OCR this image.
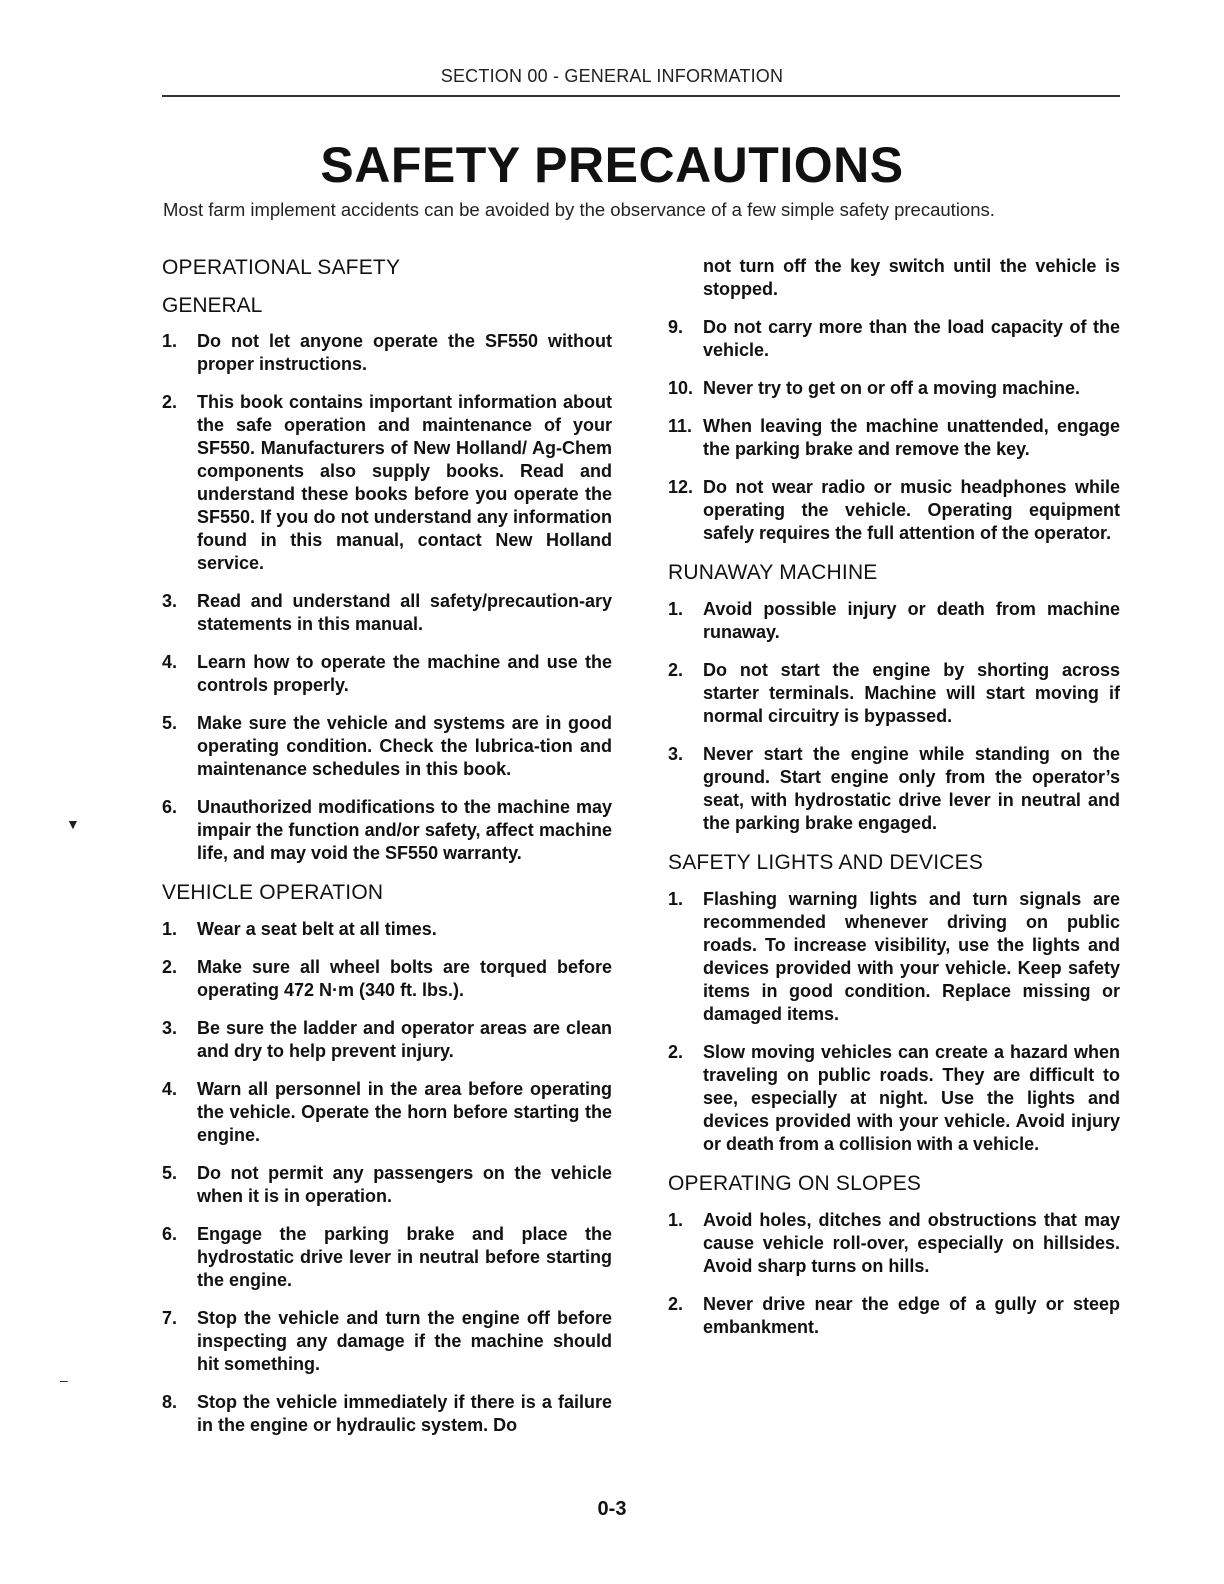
SECTION 00 - GENERAL INFORMATION
SAFETY PRECAUTIONS
Most farm implement accidents can be avoided by the observance of a few simple safety precautions.
OPERATIONAL SAFETY
GENERAL
1.	Do not let anyone operate the SF550 without proper instructions.
2.	This book contains important information about the safe operation and maintenance of your SF550. Manufacturers of New Holland/ Ag-Chem components also supply books. Read and understand these books before you operate the SF550. If you do not understand any information found in this manual, contact New Holland service.
3.	Read and understand all safety/precaution-ary statements in this manual.
4.	Learn how to operate the machine and use the controls properly.
5.	Make sure the vehicle and systems are in good operating condition. Check the lubrica-tion and maintenance schedules in this book.
6.	Unauthorized modifications to the machine may impair the function and/or safety, affect machine life, and may void the SF550 warranty.
VEHICLE OPERATION
1.	Wear a seat belt at all times.
2.	Make sure all wheel bolts are torqued before operating 472 N·m (340 ft. lbs.).
3.	Be sure the ladder and operator areas are clean and dry to help prevent injury.
4.	Warn all personnel in the area before operating the vehicle. Operate the horn before starting the engine.
5.	Do not permit any passengers on the vehicle when it is in operation.
6.	Engage the parking brake and place the hydrostatic drive lever in neutral before starting the engine.
7.	Stop the vehicle and turn the engine off before inspecting any damage if the machine should hit something.
8.	Stop the vehicle immediately if there is a failure in the engine or hydraulic system. Do
not turn off the key switch until the vehicle is stopped.
9.	Do not carry more than the load capacity of the vehicle.
10. Never try to get on or off a moving machine.
11. When leaving the machine unattended, engage the parking brake and remove the key.
12. Do not wear radio or music headphones while operating the vehicle. Operating equipment safely requires the full attention of the operator.
RUNAWAY MACHINE
1.	Avoid possible injury or death from machine runaway.
2.	Do not start the engine by shorting across starter terminals. Machine will start moving if normal circuitry is bypassed.
3.	Never start the engine while standing on the ground. Start engine only from the operator’s seat, with hydrostatic drive lever in neutral and the parking brake engaged.
SAFETY LIGHTS AND DEVICES
1.	Flashing warning lights and turn signals are recommended whenever driving on public roads. To increase visibility, use the lights and devices provided with your vehicle. Keep safety items in good condition. Replace missing or damaged items.
2.	Slow moving vehicles can create a hazard when traveling on public roads. They are difficult to see, especially at night. Use the lights and devices provided with your vehicle. Avoid injury or death from a collision with a vehicle.
OPERATING ON SLOPES
1.	Avoid holes, ditches and obstructions that may cause vehicle roll-over, especially on hillsides. Avoid sharp turns on hills.
2.	Never drive near the edge of a gully or steep embankment.
▼
–
0-3
